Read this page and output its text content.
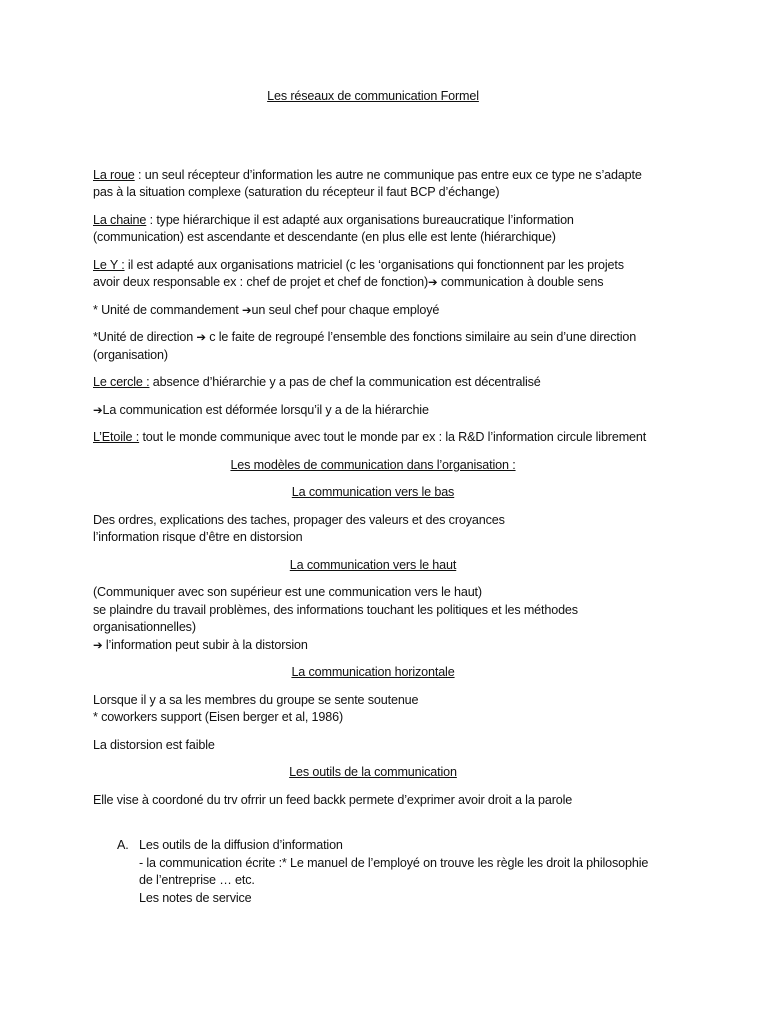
Les réseaux de communication Formel

La roue : un seul récepteur d’information les autre ne communique pas entre eux ce type ne s’adapte pas à la situation complexe (saturation du récepteur il faut BCP d’échange)

La chaine : type hiérarchique il est adapté aux organisations bureaucratique l’information (communication) est ascendante et descendante (en plus elle est lente (hiérarchique)

Le Y : il est adapté aux organisations matriciel (c les ‘organisations qui fonctionnent par les projets avoir deux responsable ex : chef de projet et chef de fonction)➔ communication à double sens

* Unité de commandement ➔un seul chef pour chaque employé

*Unité de direction ➔ c le faite de regroupé l’ensemble des fonctions similaire au sein d’une direction (organisation)

Le cercle : absence d’hiérarchie y a pas de chef la communication est décentralisé

➔La communication est déformée lorsqu’il y a de la hiérarchie

L’Etoile : tout le monde communique avec tout le monde par ex : la R&D l’information circule librement

Les modèles de communication dans l’organisation :

La communication vers le bas

Des ordres, explications des taches, propager des valeurs et des croyances
l’information risque d’être en distorsion

La communication vers le haut

(Communiquer avec son supérieur est une communication vers le haut)
se plaindre du travail problèmes, des informations touchant les politiques et les méthodes organisationnelles)
➔ l’information peut subir à la distorsion

La communication horizontale

Lorsque il y a sa les membres du groupe se sente soutenue
* coworkers support (Eisen berger et al, 1986)

La distorsion est faible

Les outils de la communication

Elle vise à coordoné du trv ofrrir un feed backk permete d’exprimer avoir droit a la parole

A. Les outils de la diffusion d’information
- la communication écrite :* Le manuel de l’employé on trouve les règle les droit la philosophie de l’entreprise … etc.
Les notes de service
